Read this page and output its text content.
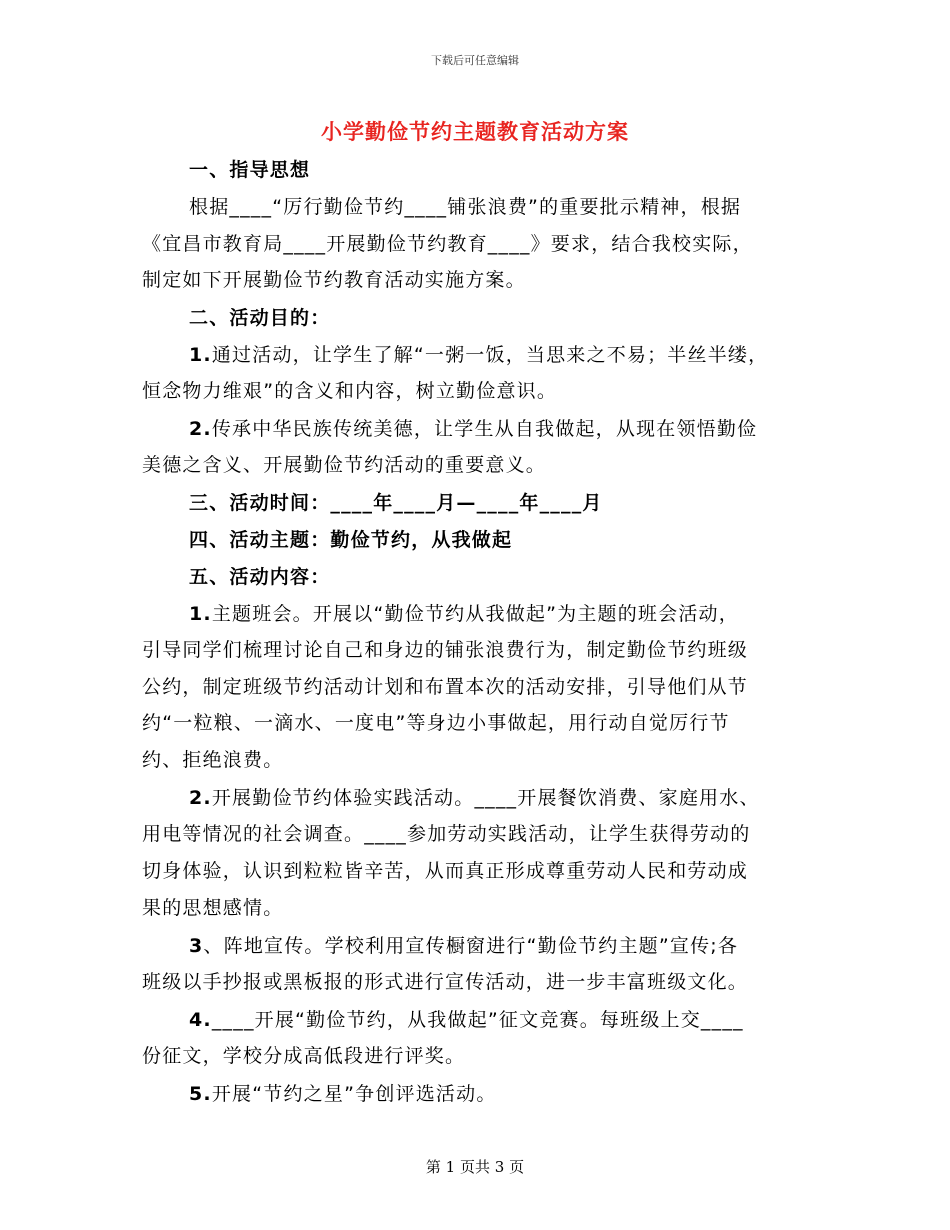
下载后可任意编辑
小学勤俭节约主题教育活动方案
一、指导思想
根据____“厉行勤俭节约____铺张浪费”的重要批示精神，根据
《宜昌市教育局____开展勤俭节约教育____》要求，结合我校实际，
制定如下开展勤俭节约教育活动实施方案。
二、活动目的：
1.通过活动，让学生了解“一粥一饭，当思来之不易；半丝半缕，
恒念物力维艰”的含义和内容，树立勤俭意识。
2.传承中华民族传统美德，让学生从自我做起，从现在领悟勤俭
美德之含义、开展勤俭节约活动的重要意义。
三、活动时间：____年____月—____年____月
四、活动主题：勤俭节约，从我做起
五、活动内容：
1.主题班会。开展以“勤俭节约从我做起”为主题的班会活动，
引导同学们梳理讨论自己和身边的铺张浪费行为，制定勤俭节约班级
公约，制定班级节约活动计划和布置本次的活动安排，引导他们从节
约“一粒粮、一滴水、一度电”等身边小事做起，用行动自觉厉行节
约、拒绝浪费。
2.开展勤俭节约体验实践活动。____开展餐饮消费、家庭用水、
用电等情况的社会调查。____参加劳动实践活动，让学生获得劳动的
切身体验，认识到粒粒皆辛苦，从而真正形成尊重劳动人民和劳动成
果的思想感情。
3、阵地宣传。学校利用宣传橱窗进行“勤俭节约主题”宣传;各
班级以手抄报或黑板报的形式进行宣传活动，进一步丰富班级文化。
4.____开展“勤俭节约，从我做起”征文竞赛。每班级上交____
份征文，学校分成高低段进行评奖。
5.开展“节约之星”争创评选活动。
第 1 页共 3 页
